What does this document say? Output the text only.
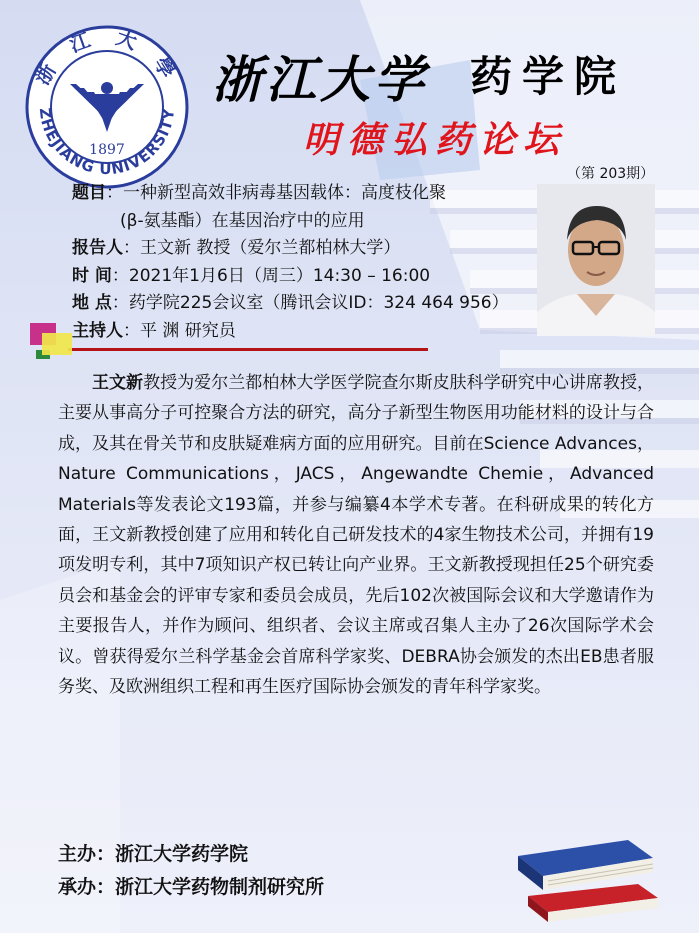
浙 江 大 學
ZHEJIANG UNIVERSITY
1897
浙江大学 药学院
明德弘药论坛
（第 203期）
题目：一种新型高效非病毒基因载体：高度枝化聚
(β-氨基酯）在基因治疗中的应用
报告人：王文新 教授（爱尔兰都柏林大学）
时 间：2021年1月6日（周三）14:30 – 16:00
地 点：药学院225会议室（腾讯会议ID：324 464 956）
主持人：平 渊 研究员
王文新教授为爱尔兰都柏林大学医学院查尔斯皮肤科学研究中心讲席教授，主要从事高分子可控聚合方法的研究，高分子新型生物医用功能材料的设计与合成，及其在骨关节和皮肤疑难病方面的应用研究。目前在Science Advances，Nature Communications，JACS，Angewandte Chemie，Advanced Materials等发表论文193篇，并参与编纂4本学术专著。在科研成果的转化方面，王文新教授创建了应用和转化自己研发技术的4家生物技术公司，并拥有19项发明专利，其中7项知识产权已转让向产业界。王文新教授现担任25个研究委员会和基金会的评审专家和委员会成员，先后102次被国际会议和大学邀请作为主要报告人，并作为顾问、组织者、会议主席或召集人主办了26次国际学术会议。曾获得爱尔兰科学基金会首席科学家奖、DEBRA协会颁发的杰出EB患者服务奖、及欧洲组织工程和再生医疗国际协会颁发的青年科学家奖。
主办：浙江大学药学院
承办：浙江大学药物制剂研究所
